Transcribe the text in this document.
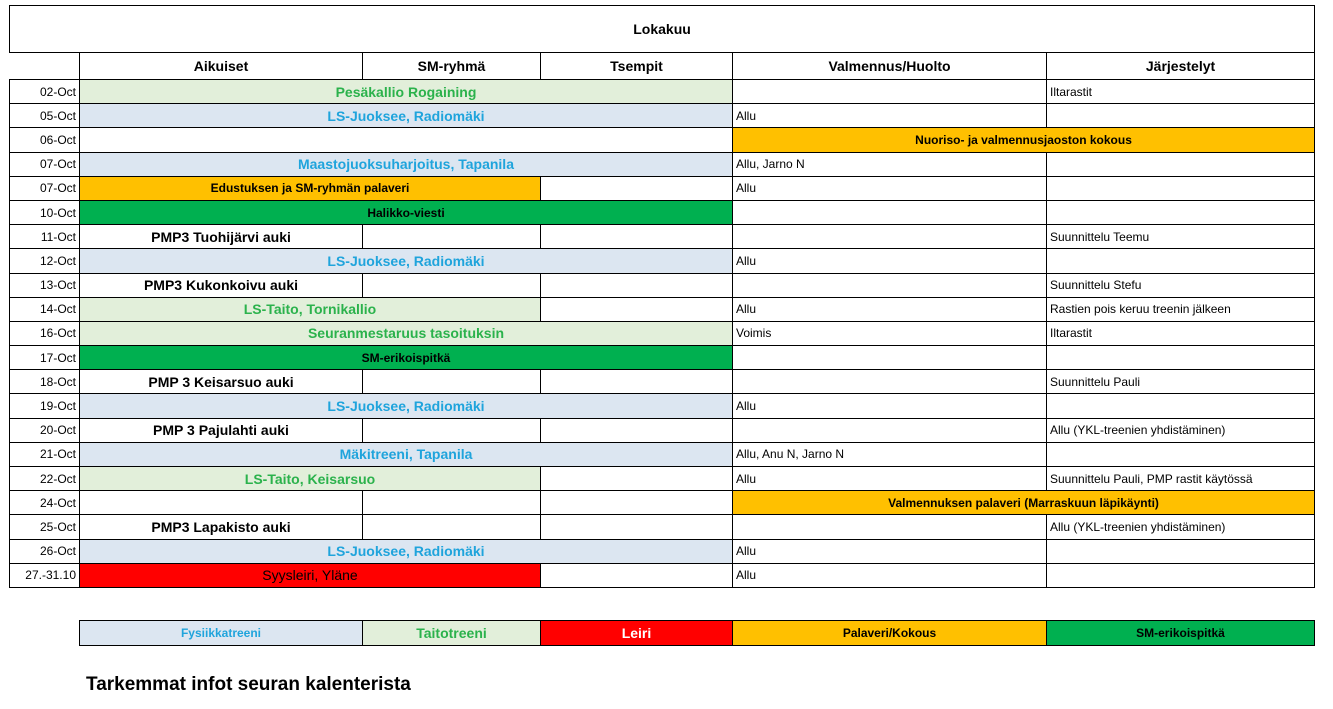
Lokakuu					
	Aikuiset	SM-ryhmä	Tsempit	Valmennus/Huolto	Järjestelyt
02-Oct	Pesäkallio Rogaining				Iltarastit
05-Oct	LS-Juoksee, Radiomäki			Allu	
06-Oct				Nuoriso- ja valmennusjaoston kokous	
07-Oct	Maastojuoksuharjoitus, Tapanila			Allu, Jarno N	
07-Oct	Edustuksen ja SM-ryhmän palaveri			Allu	
10-Oct	Halikko-viesti				
11-Oct	PMP3 Tuohijärvi auki				Suunnittelu Teemu
12-Oct	LS-Juoksee, Radiomäki			Allu	
13-Oct	PMP3 Kukonkoivu auki				Suunnittelu Stefu
14-Oct	LS-Taito, Tornikallio			Allu	Rastien pois keruu treenin jälkeen
16-Oct	Seuranmestaruus tasoituksin			Voimis	Iltarastit
17-Oct	SM-erikoispitkä				
18-Oct	PMP 3 Keisarsuo auki				Suunnittelu Pauli
19-Oct	LS-Juoksee, Radiomäki			Allu	
20-Oct	PMP 3 Pajulahti auki				Allu (YKL-treenien yhdistäminen)
21-Oct	Mäkitreeni, Tapanila			Allu, Anu N, Jarno N	
22-Oct	LS-Taito, Keisarsuo			Allu	Suunnittelu Pauli, PMP rastit käytössä
24-Oct				Valmennuksen palaveri (Marraskuun läpikäynti)	
25-Oct	PMP3 Lapakisto auki				Allu (YKL-treenien yhdistäminen)
26-Oct	LS-Juoksee, Radiomäki			Allu	
27.-31.10	Syysleiri, Yläne			Allu	
Fysiikkatreeni	Taitotreeni	Leiri	Palaveri/Kokous	SM-erikoispitkä
Tarkemmat infot seuran kalenterista
